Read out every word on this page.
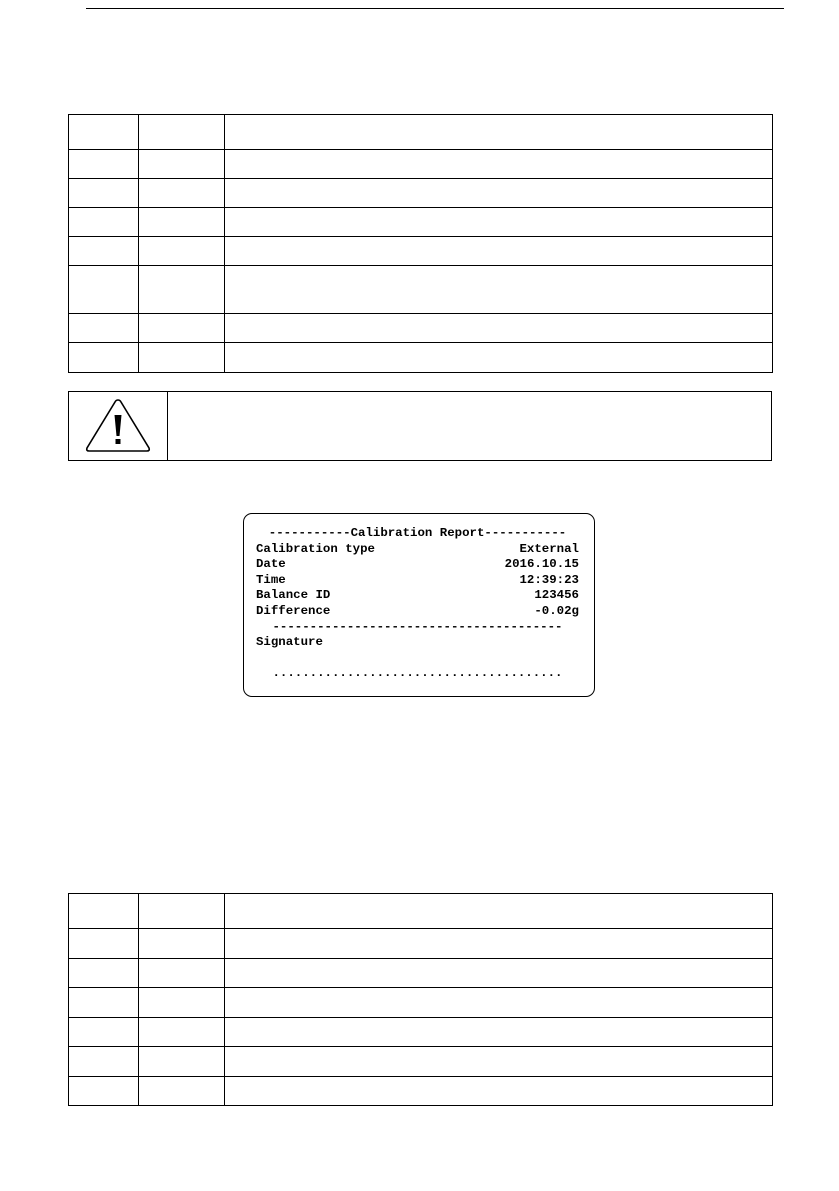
-----------Calibration Report-----------
Calibration type	External
Date	2016.10.15
Time	12:39:23
Balance ID	123456
Difference	-0.02g
---------------------------------------
Signature
.......................................
